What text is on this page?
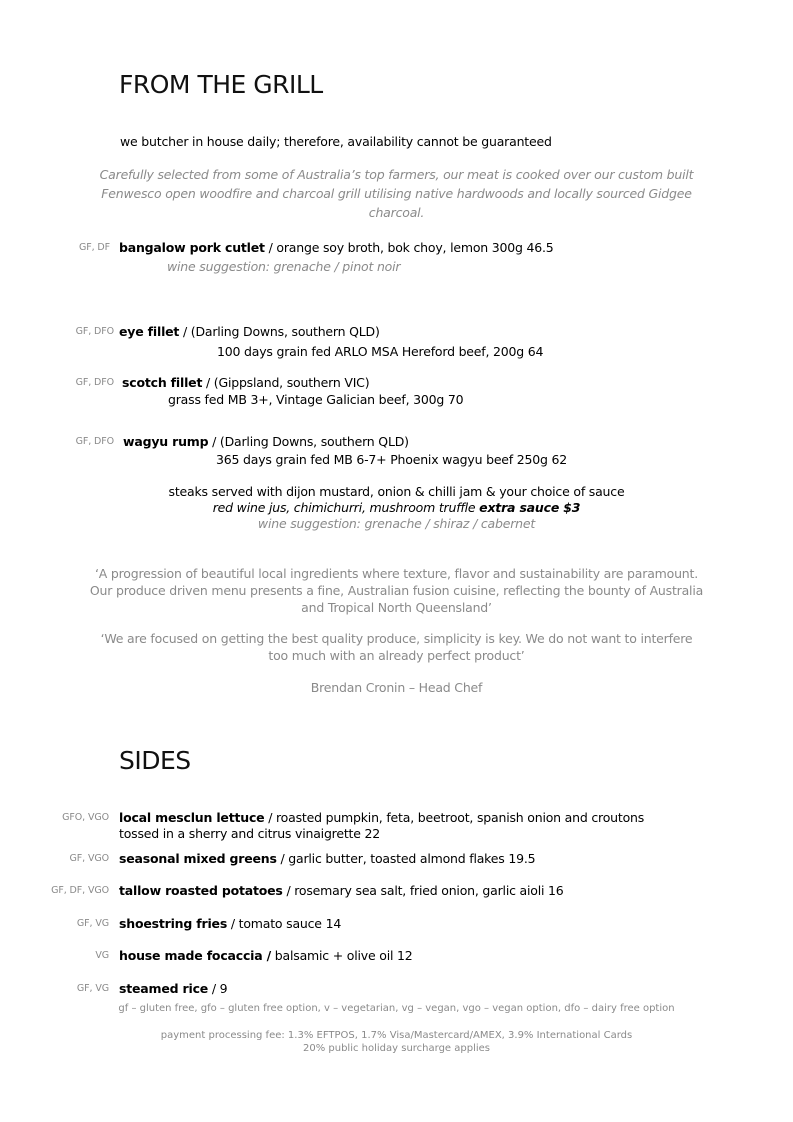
FROM THE GRILL
we butcher in house daily; therefore, availability cannot be guaranteed
Carefully selected from some of Australia’s top farmers, our meat is cooked over our custom built
Fenwesco open woodfire and charcoal grill utilising native hardwoods and locally sourced Gidgee
charcoal.
GF, DF bangalow pork cutlet / orange soy broth, bok choy, lemon 300g 46.5
wine suggestion: grenache / pinot noir
GF, DFO eye fillet / (Darling Downs, southern QLD)
100 days grain fed ARLO MSA Hereford beef, 200g 64
GF, DFO scotch fillet / (Gippsland, southern VIC)
grass fed MB 3+, Vintage Galician beef, 300g 70
GF, DFO wagyu rump / (Darling Downs, southern QLD)
365 days grain fed MB 6-7+ Phoenix wagyu beef 250g 62
steaks served with dijon mustard, onion & chilli jam & your choice of sauce
red wine jus, chimichurri, mushroom truffle extra sauce $3
wine suggestion: grenache / shiraz / cabernet
‘A progression of beautiful local ingredients where texture, flavor and sustainability are paramount.
Our produce driven menu presents a fine, Australian fusion cuisine, reflecting the bounty of Australia
and Tropical North Queensland’
‘We are focused on getting the best quality produce, simplicity is key. We do not want to interfere
too much with an already perfect product’
Brendan Cronin – Head Chef
SIDES
GFO, VGO local mesclun lettuce / roasted pumpkin, feta, beetroot, spanish onion and croutons
tossed in a sherry and citrus vinaigrette 22
GF, VGO seasonal mixed greens / garlic butter, toasted almond flakes 19.5
GF, DF, VGO tallow roasted potatoes / rosemary sea salt, fried onion, garlic aioli 16
GF, VG shoestring fries / tomato sauce 14
VG house made focaccia / balsamic + olive oil 12
GF, VG steamed rice / 9
gf – gluten free, gfo – gluten free option, v – vegetarian, vg – vegan, vgo – vegan option, dfo – dairy free option
payment processing fee: 1.3% EFTPOS, 1.7% Visa/Mastercard/AMEX, 3.9% International Cards
20% public holiday surcharge applies
